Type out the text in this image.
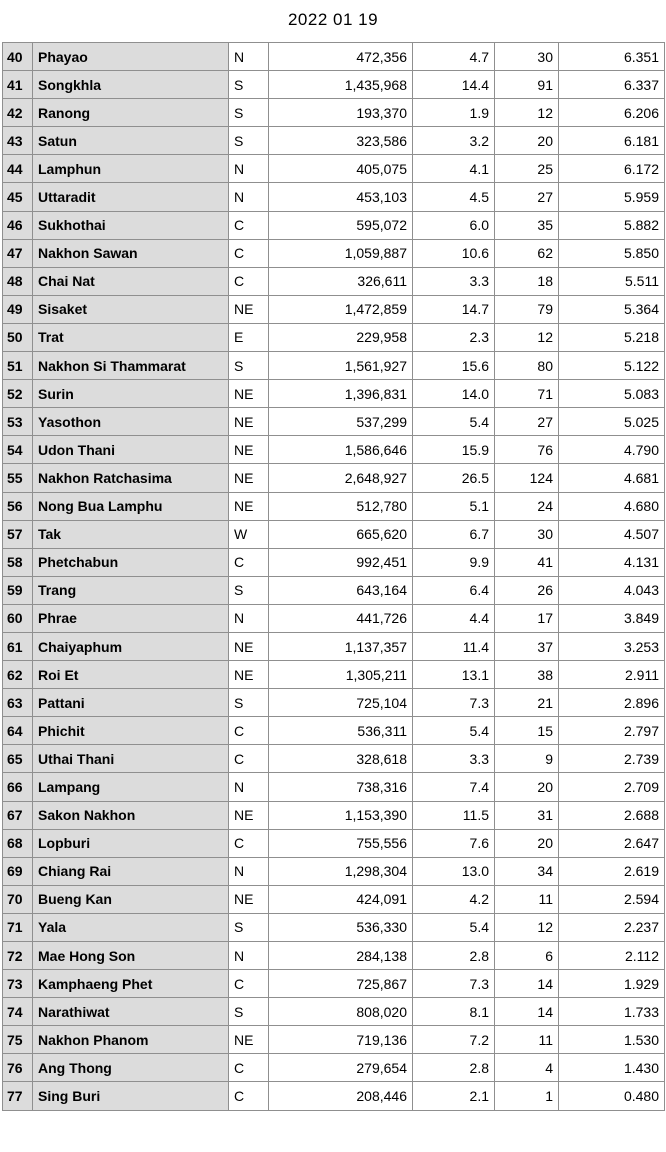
2022 01 19
40	Phayao	N	472,356	4.7	30	6.351
41	Songkhla	S	1,435,968	14.4	91	6.337
42	Ranong	S	193,370	1.9	12	6.206
43	Satun	S	323,586	3.2	20	6.181
44	Lamphun	N	405,075	4.1	25	6.172
45	Uttaradit	N	453,103	4.5	27	5.959
46	Sukhothai	C	595,072	6.0	35	5.882
47	Nakhon Sawan	C	1,059,887	10.6	62	5.850
48	Chai Nat	C	326,611	3.3	18	5.511
49	Sisaket	NE	1,472,859	14.7	79	5.364
50	Trat	E	229,958	2.3	12	5.218
51	Nakhon Si Thammarat	S	1,561,927	15.6	80	5.122
52	Surin	NE	1,396,831	14.0	71	5.083
53	Yasothon	NE	537,299	5.4	27	5.025
54	Udon Thani	NE	1,586,646	15.9	76	4.790
55	Nakhon Ratchasima	NE	2,648,927	26.5	124	4.681
56	Nong Bua Lamphu	NE	512,780	5.1	24	4.680
57	Tak	W	665,620	6.7	30	4.507
58	Phetchabun	C	992,451	9.9	41	4.131
59	Trang	S	643,164	6.4	26	4.043
60	Phrae	N	441,726	4.4	17	3.849
61	Chaiyaphum	NE	1,137,357	11.4	37	3.253
62	Roi Et	NE	1,305,211	13.1	38	2.911
63	Pattani	S	725,104	7.3	21	2.896
64	Phichit	C	536,311	5.4	15	2.797
65	Uthai Thani	C	328,618	3.3	9	2.739
66	Lampang	N	738,316	7.4	20	2.709
67	Sakon Nakhon	NE	1,153,390	11.5	31	2.688
68	Lopburi	C	755,556	7.6	20	2.647
69	Chiang Rai	N	1,298,304	13.0	34	2.619
70	Bueng Kan	NE	424,091	4.2	11	2.594
71	Yala	S	536,330	5.4	12	2.237
72	Mae Hong Son	N	284,138	2.8	6	2.112
73	Kamphaeng Phet	C	725,867	7.3	14	1.929
74	Narathiwat	S	808,020	8.1	14	1.733
75	Nakhon Phanom	NE	719,136	7.2	11	1.530
76	Ang Thong	C	279,654	2.8	4	1.430
77	Sing Buri	C	208,446	2.1	1	0.480
